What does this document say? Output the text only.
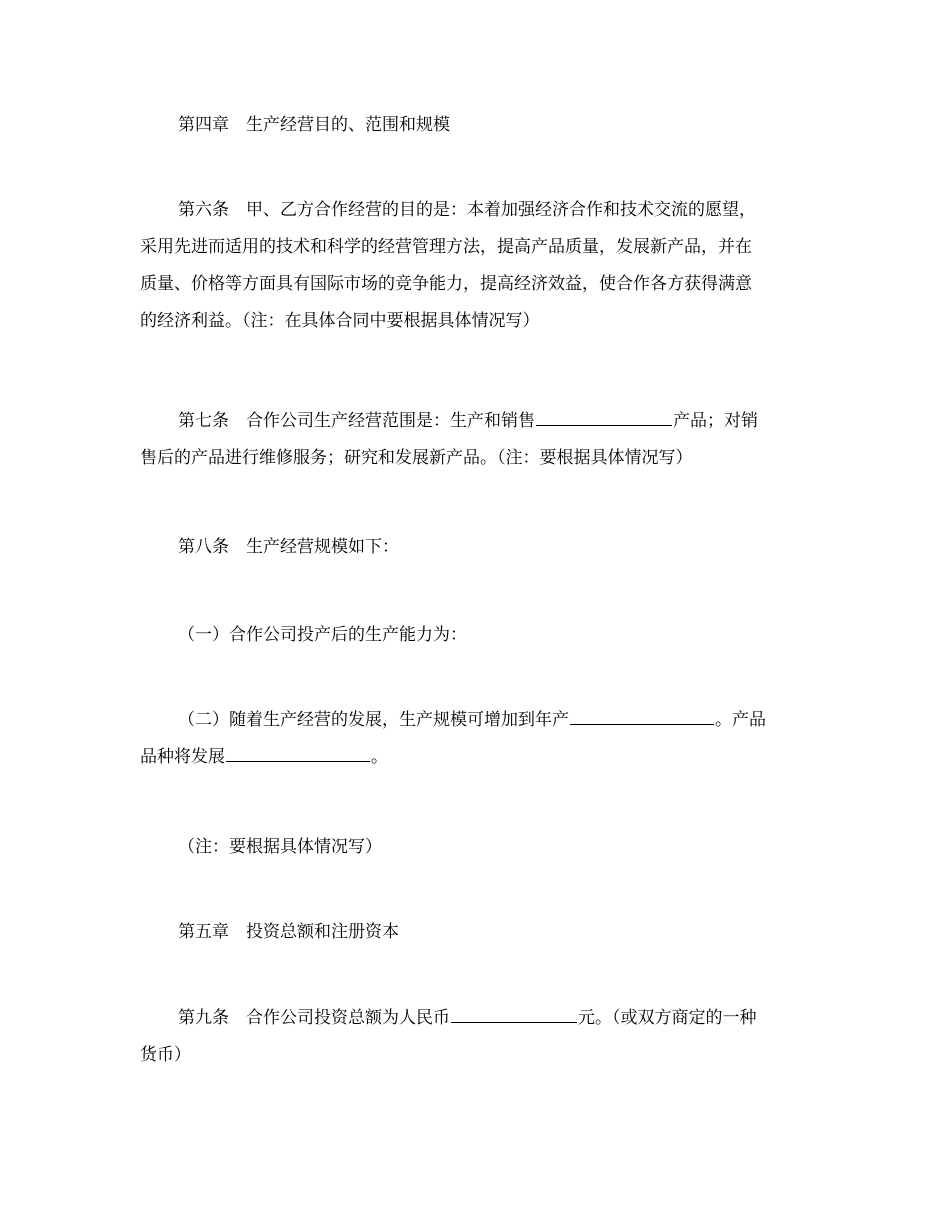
第四章　生产经营目的、范围和规模
第六条　甲、乙方合作经营的目的是：本着加强经济合作和技术交流的愿望，
采用先进而适用的技术和科学的经营管理方法，提高产品质量，发展新产品，并在
质量、价格等方面具有国际市场的竞争能力，提高经济效益，使合作各方获得满意
的经济利益。（注：在具体合同中要根据具体情况写）
第七条　合作公司生产经营范围是：生产和销售	产品；对销
售后的产品进行维修服务；研究和发展新产品。（注：要根据具体情况写）
第八条　生产经营规模如下：
（一）合作公司投产后的生产能力为：
（二）随着生产经营的发展，生产规模可增加到年产	。产品
品种将发展	。
（注：要根据具体情况写）
第五章　投资总额和注册资本
第九条　合作公司投资总额为人民币	元。（或双方商定的一种
货币）
